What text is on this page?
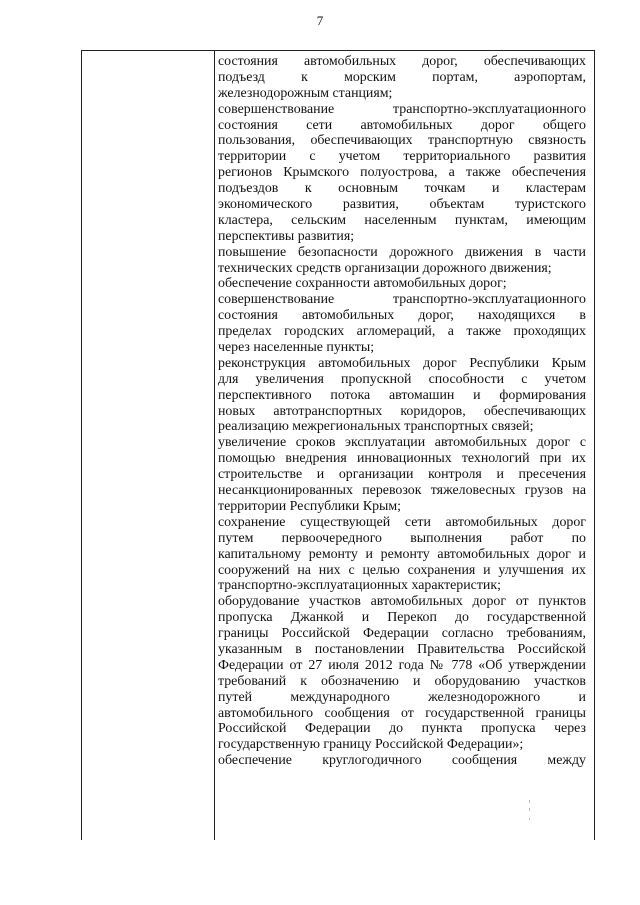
7
состояния автомобильных дорог, обеспечивающих
подъезд к морским портам, аэропортам,
железнодорожным станциям;
совершенствование транспортно-эксплуатационного
состояния сети автомобильных дорог общего
пользования, обеспечивающих транспортную связность
территории с учетом территориального развития
регионов Крымского полуострова, а также обеспечения
подъездов к основным точкам и кластерам
экономического развития, объектам туристского
кластера, сельским населенным пунктам, имеющим
перспективы развития;
повышение безопасности дорожного движения в части
технических средств организации дорожного движения;
обеспечение сохранности автомобильных дорог;
совершенствование транспортно-эксплуатационного
состояния автомобильных дорог, находящихся в
пределах городских агломераций, а также проходящих
через населенные пункты;
реконструкция автомобильных дорог Республики Крым
для увеличения пропускной способности с учетом
перспективного потока автомашин и формирования
новых автотранспортных коридоров, обеспечивающих
реализацию межрегиональных транспортных связей;
увеличение сроков эксплуатации автомобильных дорог с
помощью внедрения инновационных технологий при их
строительстве и организации контроля и пресечения
несанкционированных перевозок тяжеловесных грузов на
территории Республики Крым;
сохранение существующей сети автомобильных дорог
путем первоочередного выполнения работ по
капитальному ремонту и ремонту автомобильных дорог и
сооружений на них с целью сохранения и улучшения их
транспортно-эксплуатационных характеристик;
оборудование участков автомобильных дорог от пунктов
пропуска Джанкой и Перекоп до государственной
границы Российской Федерации согласно требованиям,
указанным в постановлении Правительства Российской
Федерации от 27 июля 2012 года № 778 «Об утверждении
требований к обозначению и оборудованию участков
путей международного железнодорожного и
автомобильного сообщения от государственной границы
Российской Федерации до пункта пропуска через
государственную границу Российской Федерации»;
обеспечение круглогодичного сообщения между
